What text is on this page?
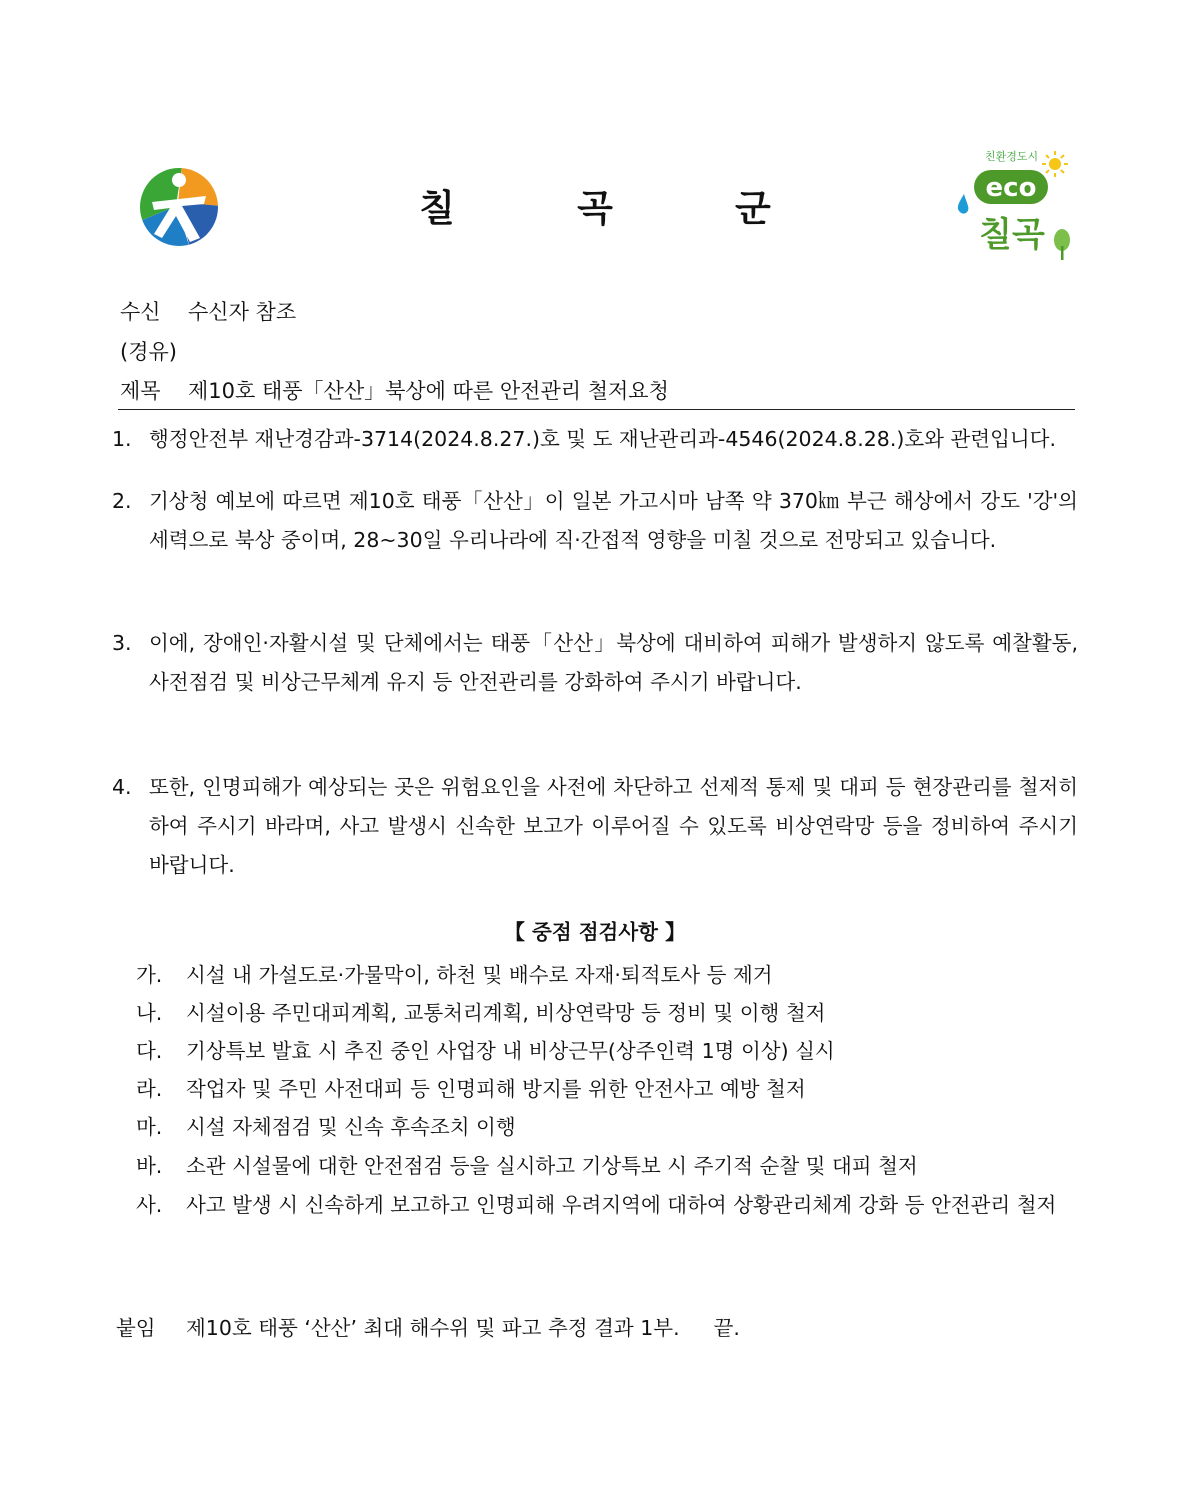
칠	곡	군
친환경도시
eco
칠곡
수신 수신자 참조
(경유)
제목 제10호 태풍「산산」북상에 따른 안전관리 철저요청
1. 행정안전부 재난경감과-3714(2024.8.27.)호 및 도 재난관리과-4546(2024.8.28.)호와 관련입니다.
2. 기상청 예보에 따르면 제10호 태풍「산산」이 일본 가고시마 남쪽 약 370㎞ 부근 해상에서 강도 '강'의 세력으로 북상 중이며, 28~30일 우리나라에 직·간접적 영향을 미칠 것으로 전망되고 있습니다.
3. 이에, 장애인·자활시설 및 단체에서는 태풍「산산」북상에 대비하여 피해가 발생하지 않도록 예찰활동, 사전점검 및 비상근무체계 유지 등 안전관리를 강화하여 주시기 바랍니다.
4. 또한, 인명피해가 예상되는 곳은 위험요인을 사전에 차단하고 선제적 통제 및 대피 등 현장관리를 철저히 하여 주시기 바라며, 사고 발생시 신속한 보고가 이루어질 수 있도록 비상연락망 등을 정비하여 주시기 바랍니다.
【 중점 점검사항 】
가. 시설 내 가설도로·가물막이, 하천 및 배수로 자재·퇴적토사 등 제거
나. 시설이용 주민대피계획, 교통처리계획, 비상연락망 등 정비 및 이행 철저
다. 기상특보 발효 시 추진 중인 사업장 내 비상근무(상주인력 1명 이상) 실시
라. 작업자 및 주민 사전대피 등 인명피해 방지를 위한 안전사고 예방 철저
마. 시설 자체점검 및 신속 후속조치 이행
바. 소관 시설물에 대한 안전점검 등을 실시하고 기상특보 시 주기적 순찰 및 대피 철저
사. 사고 발생 시 신속하게 보고하고 인명피해 우려지역에 대하여 상황관리체계 강화 등 안전관리 철저
붙임 제10호 태풍 ‘산산’ 최대 해수위 및 파고 추정 결과 1부. 끝.
